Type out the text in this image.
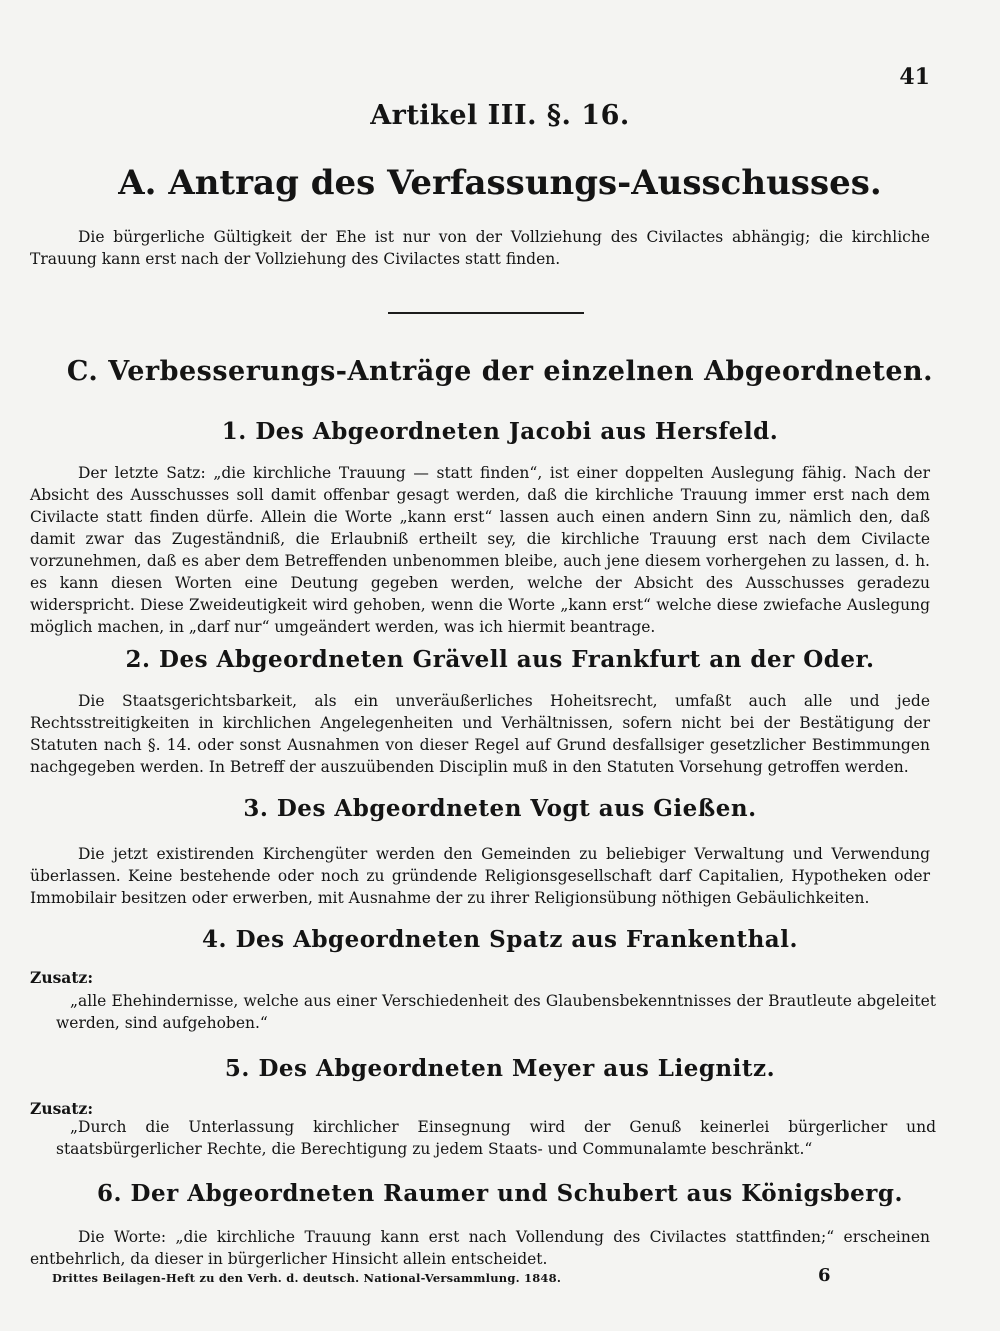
41
Artikel III. §. 16.
A. Antrag des Verfassungs-Ausschusses.
Die bürgerliche Gültigkeit der Ehe ist nur von der Vollziehung des Civilactes abhängig; die kirchliche Trauung kann erst nach der Vollziehung des Civilactes statt finden.
C. Verbesserungs-Anträge der einzelnen Abgeordneten.
1. Des Abgeordneten Jacobi aus Hersfeld.
Der letzte Satz: „die kirchliche Trauung — statt finden“, ist einer doppelten Auslegung fähig. Nach der Absicht des Ausschusses soll damit offenbar gesagt werden, daß die kirchliche Trauung immer erst nach dem Civilacte statt finden dürfe. Allein die Worte „kann erst“ lassen auch einen andern Sinn zu, nämlich den, daß damit zwar das Zugeständniß, die Erlaubniß ertheilt sey, die kirchliche Trauung erst nach dem Civilacte vorzunehmen, daß es aber dem Betreffenden unbenommen bleibe, auch jene diesem vorhergehen zu lassen, d. h. es kann diesen Worten eine Deutung gegeben werden, welche der Absicht des Ausschusses geradezu widerspricht. Diese Zweideutigkeit wird gehoben, wenn die Worte „kann erst“ welche diese zwiefache Auslegung möglich machen, in „darf nur“ umgeändert werden, was ich hiermit beantrage.
2. Des Abgeordneten Grävell aus Frankfurt an der Oder.
Die Staatsgerichtsbarkeit, als ein unveräußerliches Hoheitsrecht, umfaßt auch alle und jede Rechtsstreitigkeiten in kirchlichen Angelegenheiten und Verhältnissen, sofern nicht bei der Bestätigung der Statuten nach §. 14. oder sonst Ausnahmen von dieser Regel auf Grund desfallsiger gesetzlicher Bestimmungen nachgegeben werden. In Betreff der auszuübenden Disciplin muß in den Statuten Vorsehung getroffen werden.
3. Des Abgeordneten Vogt aus Gießen.
Die jetzt existirenden Kirchengüter werden den Gemeinden zu beliebiger Verwaltung und Verwendung überlassen. Keine bestehende oder noch zu gründende Religionsgesellschaft darf Capitalien, Hypotheken oder Immobilair besitzen oder erwerben, mit Ausnahme der zu ihrer Religionsübung nöthigen Gebäulichkeiten.
4. Des Abgeordneten Spatz aus Frankenthal.
Zusatz:
„alle Ehehindernisse, welche aus einer Verschiedenheit des Glaubensbekenntnisses der Brautleute abgeleitet werden, sind aufgehoben.“
5. Des Abgeordneten Meyer aus Liegnitz.
Zusatz:
„Durch die Unterlassung kirchlicher Einsegnung wird der Genuß keinerlei bürgerlicher und staatsbürgerlicher Rechte, die Berechtigung zu jedem Staats- und Communalamte beschränkt.“
6. Der Abgeordneten Raumer und Schubert aus Königsberg.
Die Worte: „die kirchliche Trauung kann erst nach Vollendung des Civilactes stattfinden;“ erscheinen entbehrlich, da dieser in bürgerlicher Hinsicht allein entscheidet.
Drittes Beilagen-Heft zu den Verh. d. deutsch. National-Versammlung. 1848.	6
